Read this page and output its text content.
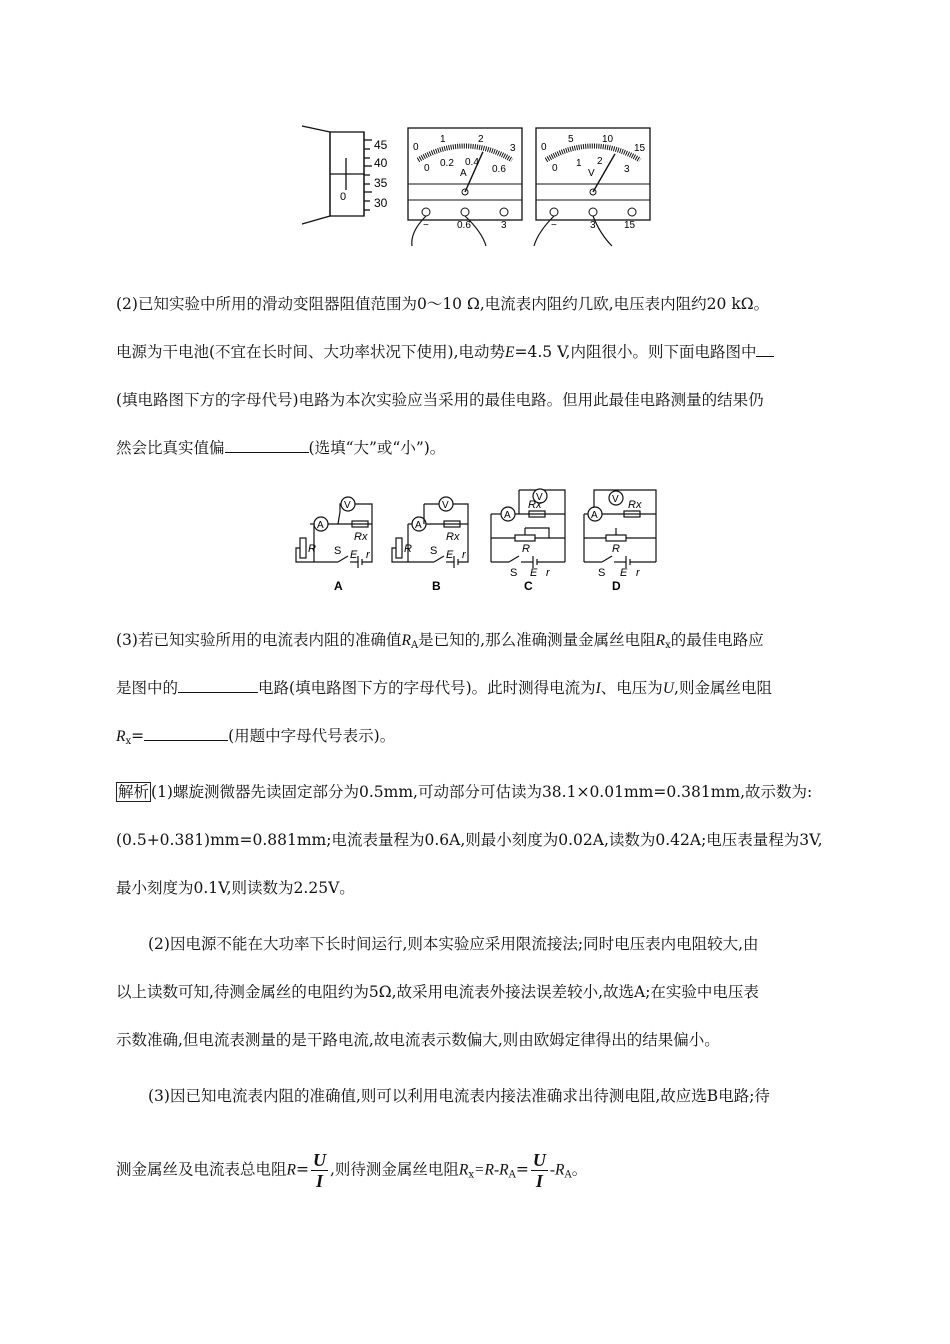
45
40
35
30
0
0
1	2
3
0 0.2 0.4
0.6
A
−	0.6	3
0
5	10
15
0 1 2
3
V
−	3	15
(2)已知实验中所用的滑动变阻器阻值范围为0～10 Ω,电流表内阻约几欧,电压表内阻约20 kΩ。
电源为干电池(不宜在长时间、大功率状况下使用),电动势E=4.5 V,内阻很小。则下面电路图中
(填电路图下方的字母代号)电路为本次实验应当采用的最佳电路。但用此最佳电路测量的结果仍
然会比真实值偏	(选填“大”或“小”)。
A
V
A
V
A
V
A
V
Rx
R	E r
Rx
R	E r
Rx
R
E r
Rx
R
E r
S	S
S	S
A	B	C	D
(3)若已知实验所用的电流表内阻的准确值$R_A$是已知的,那么准确测量金属丝电阻$R_x$的最佳电路应
是图中的	电路(填电路图下方的字母代号)。此时测得电流为I、电压为U,则金属丝电阻
$R_x=$	(用题中字母代号表示)。
解析 (1)螺旋测微器先读固定部分为0.5mm,可动部分可估读为38.1×0.01mm=0.381mm,故示数为:
(0.5+0.381)mm=0.881mm;电流表量程为0.6A,则最小刻度为0.02A,读数为0.42A;电压表量程为3V,
最小刻度为0.1V,则读数为2.25V。
(2)因电源不能在大功率下长时间运行,则本实验应采用限流接法;同时电压表内电阻较大,由
以上读数可知,待测金属丝的电阻约为5Ω,故采用电流表外接法误差较小,故选A;在实验中电压表
示数准确,但电流表测量的是干路电流,故电流表示数偏大,则由欧姆定律得出的结果偏小。
(3)因已知电流表内阻的准确值,则可以利用电流表内接法准确求出待测电阻,故应选B电路;待
测金属丝及电流表总电阻$R= \frac{U}{I}$ ,则待测金属丝电阻$R_x=R-R_A= \frac{U}{I} -R_A$。
